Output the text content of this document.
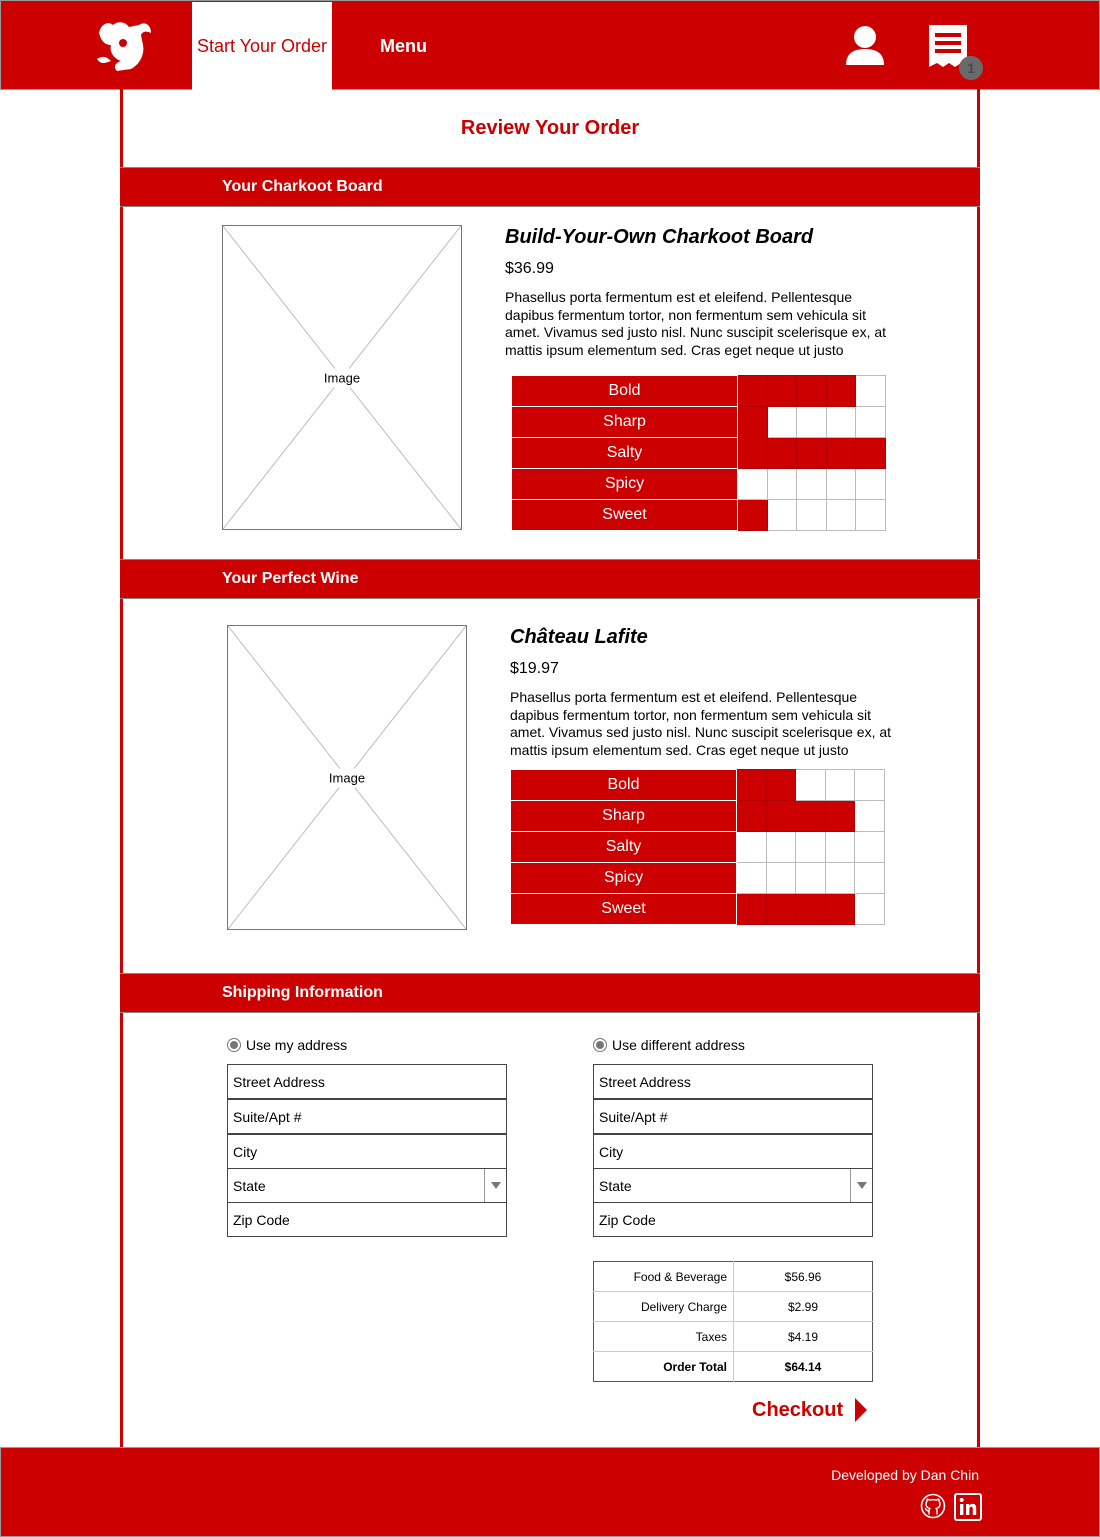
Start Your Order	Menu
1
Review Your Order
Your Charkoot Board
Image
Build-Your-Own Charkoot Board
$36.99
Phasellus porta fermentum est et eleifend. Pellentesque dapibus fermentum tortor, non fermentum sem vehicula sit amet. Vivamus sed justo nisl. Nunc suscipit scelerisque ex, at mattis ipsum elementum sed. Cras eget neque ut justo
Bold					
Sharp					
Salty					
Spicy					
Sweet					
Your Perfect Wine
Image
Château Lafite
$19.97
Phasellus porta fermentum est et eleifend. Pellentesque dapibus fermentum tortor, non fermentum sem vehicula sit amet. Vivamus sed justo nisl. Nunc suscipit scelerisque ex, at mattis ipsum elementum sed. Cras eget neque ut justo
Bold					
Sharp					
Salty					
Spicy					
Sweet					
Shipping Information
Use my address
Street Address
Suite/Apt #
City
State
Zip Code
Use different address
Street Address
Suite/Apt #
City
State
Zip Code
Food & Beverage	$56.96
Delivery Charge	$2.99
Taxes	$4.19
Order Total	$64.14
Checkout
Developed by Dan Chin
